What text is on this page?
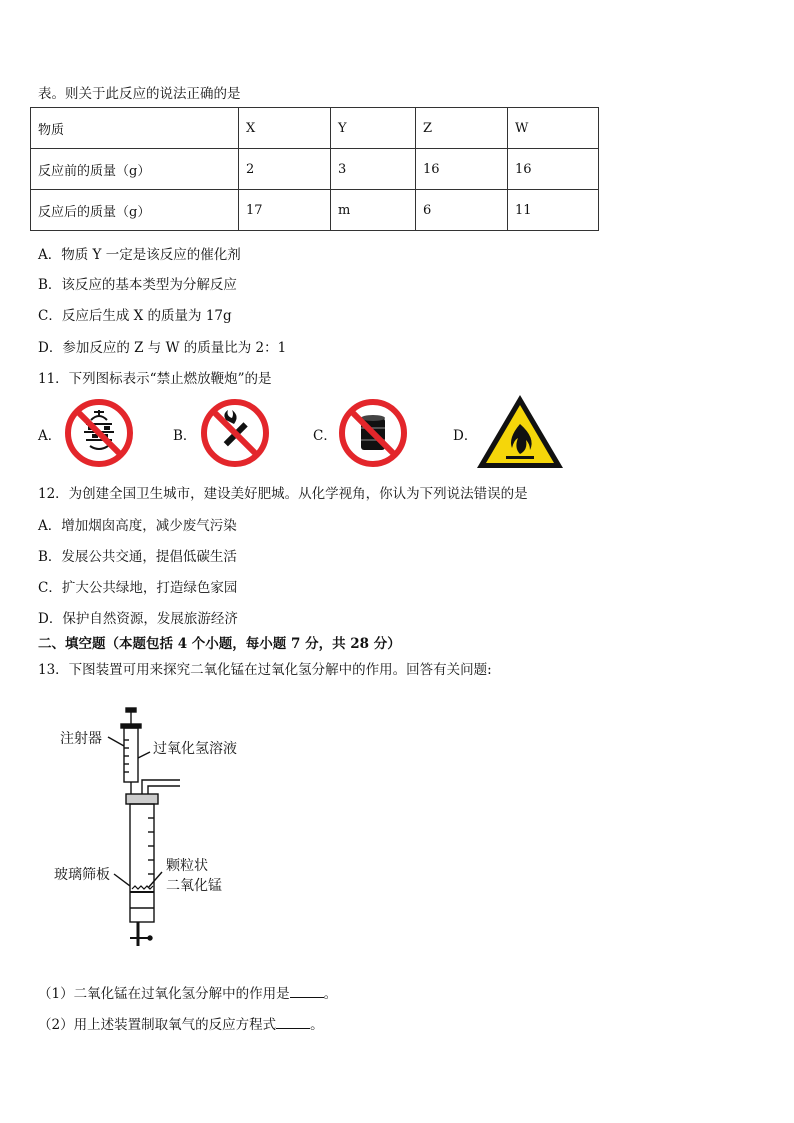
表。则关于此反应的说法正确的是
物质	X	Y	Z	W
反应前的质量（g）	2	3	16	16
反应后的质量（g）	17	m	6	11
A．物质 Y 一定是该反应的催化剂
B．该反应的基本类型为分解反应
C．反应后生成 X 的质量为 17g
D．参加反应的 Z 与 W 的质量比为 2：1
11．下列图标表示“禁止燃放鞭炮”的是
A．	B．	C．	D．
12．为创建全国卫生城市，建设美好肥城。从化学视角，你认为下列说法错误的是
A．增加烟囱高度，减少废气污染
B．发展公共交通，提倡低碳生活
C．扩大公共绿地，打造绿色家园
D．保护自然资源，发展旅游经济
二、填空题（本题包括 4 个小题，每小题 7 分，共 28 分）
13．下图装置可用来探究二氧化锰在过氧化氢分解中的作用。回答有关问题:
注射器
过氧化氢溶液
玻璃筛板
颗粒状
二氧化锰
（1）二氧化锰在过氧化氢分解中的作用是	。
（2）用上述装置制取氧气的反应方程式	。
